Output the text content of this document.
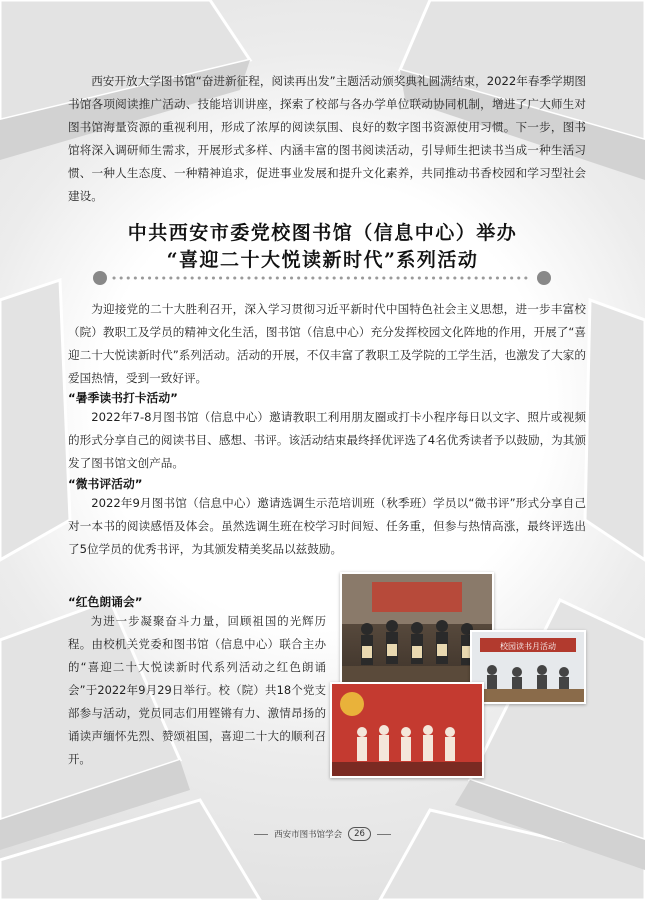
西安开放大学图书馆“奋进新征程，阅读再出发”主题活动颁奖典礼圆满结束，2022年春季学期图书馆各项阅读推广活动、技能培训讲座，探索了校部与各办学单位联动协同机制，增进了广大师生对图书馆海量资源的重视利用，形成了浓厚的阅读氛围、良好的数字图书资源使用习惯。下一步，图书馆将深入调研师生需求，开展形式多样、内涵丰富的图书阅读活动，引导师生把读书当成一种生活习惯、一种人生态度、一种精神追求，促进事业发展和提升文化素养，共同推动书香校园和学习型社会建设。

中共西安市委党校图书馆（信息中心）举办

“喜迎二十大悦读新时代”系列活动

为迎接党的二十大胜利召开，深入学习贯彻习近平新时代中国特色社会主义思想，进一步丰富校（院）教职工及学员的精神文化生活，图书馆（信息中心）充分发挥校园文化阵地的作用，开展了“喜迎二十大悦读新时代”系列活动。活动的开展，不仅丰富了教职工及学院的工学生活，也激发了大家的爱国热情，受到一致好评。

“暑季读书打卡活动”

2022年7-8月图书馆（信息中心）邀请教职工利用朋友圈或打卡小程序每日以文字、照片或视频的形式分享自己的阅读书目、感想、书评。该活动结束最终择优评选了4名优秀读者予以鼓励，为其颁发了图书馆文创产品。

“微书评活动”

2022年9月图书馆（信息中心）邀请选调生示范培训班（秋季班）学员以“微书评”形式分享自己对一本书的阅读感悟及体会。虽然选调生班在校学习时间短、任务重，但参与热情高涨，最终评选出了5位学员的优秀书评，为其颁发精美奖品以兹鼓励。

“红色朗诵会”

为进一步凝聚奋斗力量，回顾祖国的光辉历程。由校机关党委和图书馆（信息中心）联合主办的“喜迎二十大悦读新时代系列活动之红色朗诵会”于2022年9月29日举行。校（院）共18个党支部参与活动，党员同志们用铿锵有力、激情昂扬的诵读声缅怀先烈、赞颂祖国，喜迎二十大的顺利召开。

校园读书月活动
西安市图书馆学会	26
